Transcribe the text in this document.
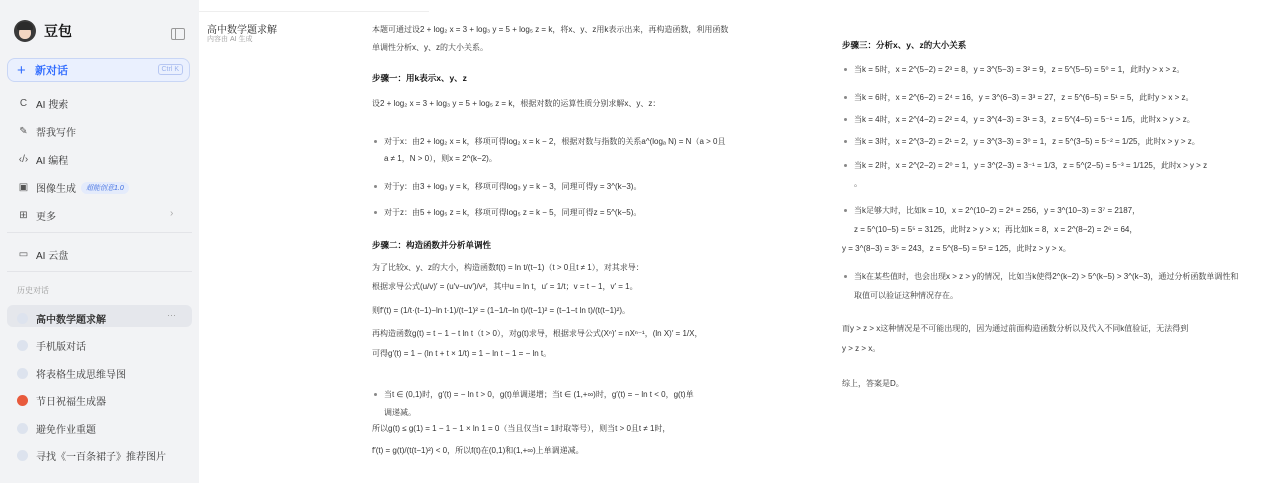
豆包
+ 新对话	Ctrl K
C AI 搜索
✎ 帮我写作
‹/› AI 编程
▣ 图像生成	超能创意1.0
⊞ 更多	›
▭ AI 云盘
历史对话
高中数学题求解	···
手机版对话
将表格生成思维导图
节日祝福生成器
避免作业重题
寻找《一百条裙子》推荐图片
高中数学题求解
内容由 AI 生成

本题可通过设2 + log₂ x = 3 + log₃ y = 5 + log₅ z = k，将x、y、z用k表示出来，再构造函数，利用函数

单调性分析x、y、z的大小关系。

步骤一：用k表示x、y、z

设2 + log₂ x = 3 + log₃ y = 5 + log₅ z = k，根据对数的运算性质分别求解x、y、z：

对于x：由2 + log₂ x = k，移项可得log₂ x = k − 2，根据对数与指数的关系a^(logₐ N) = N（a > 0且

a ≠ 1，N > 0），则x = 2^(k−2)。

对于y：由3 + log₃ y = k，移项可得log₃ y = k − 3，同理可得y = 3^(k−3)。

对于z：由5 + log₅ z = k，移项可得log₅ z = k − 5，同理可得z = 5^(k−5)。

步骤二：构造函数并分析单调性

为了比较x、y、z的大小，构造函数f(t) = ln t/(t−1)（t > 0且t ≠ 1），对其求导：

根据求导公式(u/v)′ = (u′v−uv′)/v²，其中u = ln t，u′ = 1/t；v = t − 1，v′ = 1。

则f′(t) = (1/t·(t−1)−ln t·1)/(t−1)² = (1−1/t−ln t)/(t−1)² = (t−1−t ln t)/(t(t−1)²)。

再构造函数g(t) = t − 1 − t ln t（t > 0），对g(t)求导，根据求导公式(Xⁿ)′ = nXⁿ⁻¹，(ln X)′ = 1/X，

可得g′(t) = 1 − (ln t + t × 1/t) = 1 − ln t − 1 = − ln t。

当t ∈ (0,1)时，g′(t) = − ln t > 0，g(t)单调递增；当t ∈ (1,+∞)时，g′(t) = − ln t < 0，g(t)单

调递减。

所以g(t) ≤ g(1) = 1 − 1 − 1 × ln 1 = 0（当且仅当t = 1时取等号），则当t > 0且t ≠ 1时，

f′(t) = g(t)/(t(t−1)²) < 0，所以f(t)在(0,1)和(1,+∞)上单调递减。

步骤三：分析x、y、z的大小关系

当k = 5时，x = 2^(5−2) = 2³ = 8，y = 3^(5−3) = 3² = 9，z = 5^(5−5) = 5⁰ = 1，此时y > x > z。

当k = 6时，x = 2^(6−2) = 2⁴ = 16，y = 3^(6−3) = 3³ = 27，z = 5^(6−5) = 5¹ = 5，此时y > x > z。

当k = 4时，x = 2^(4−2) = 2² = 4，y = 3^(4−3) = 3¹ = 3，z = 5^(4−5) = 5⁻¹ = 1/5，此时x > y > z。

当k = 3时，x = 2^(3−2) = 2¹ = 2，y = 3^(3−3) = 3⁰ = 1，z = 5^(3−5) = 5⁻² = 1/25，此时x > y > z。

当k = 2时，x = 2^(2−2) = 2⁰ = 1，y = 3^(2−3) = 3⁻¹ = 1/3，z = 5^(2−5) = 5⁻³ = 1/125，此时x > y > z

。

当k足够大时，比如k = 10，x = 2^(10−2) = 2⁸ = 256，y = 3^(10−3) = 3⁷ = 2187，

z = 5^(10−5) = 5⁵ = 3125，此时z > y > x；再比如k = 8，x = 2^(8−2) = 2⁶ = 64，

y = 3^(8−3) = 3⁵ = 243，z = 5^(8−5) = 5³ = 125，此时z > y > x。

当k在某些值时，也会出现x > z > y的情况，比如当k使得2^(k−2) > 5^(k−5) > 3^(k−3)，通过分析函数单调性和

取值可以验证这种情况存在。

而y > z > x这种情况是不可能出现的，因为通过前面构造函数分析以及代入不同k值验证，无法得到

y > z > x。

综上，答案是D。
